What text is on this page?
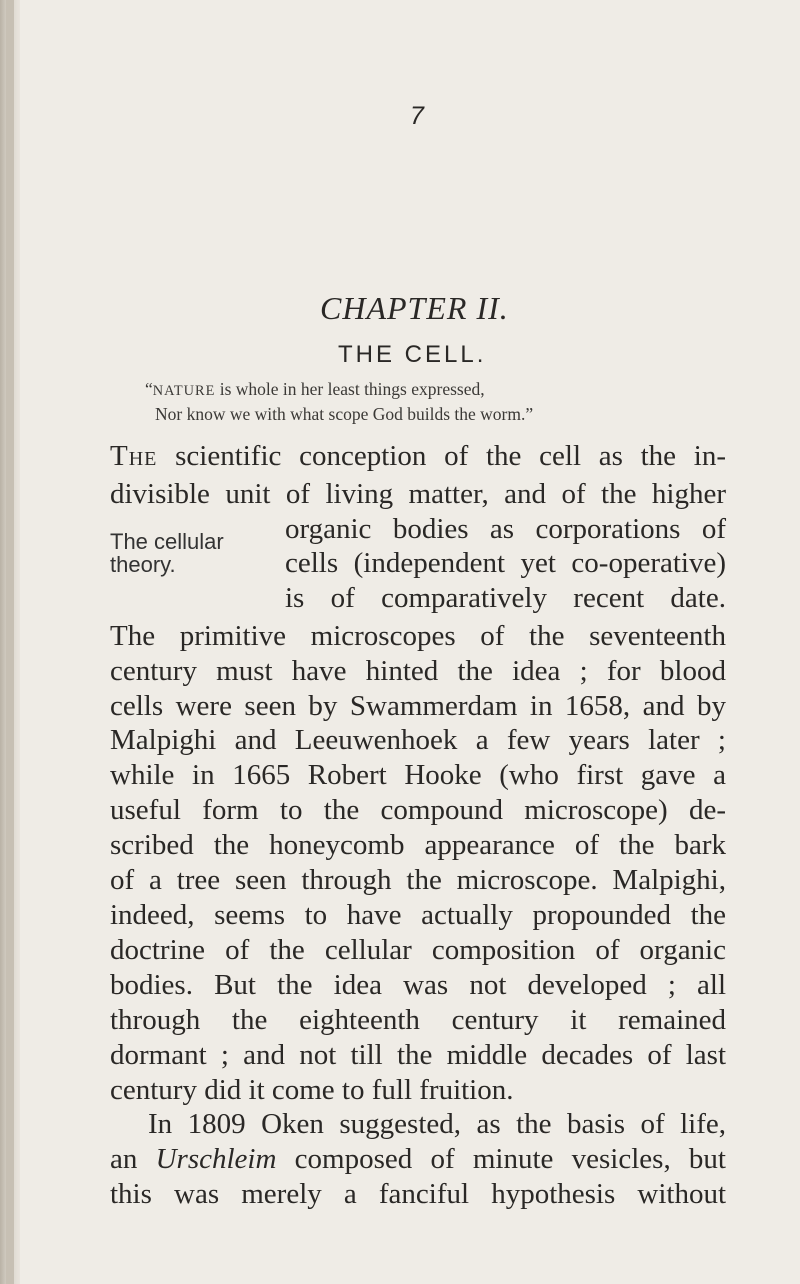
7
CHAPTER II.
THE CELL.
“NATURE is whole in her least things expressed,
Nor know we with what scope God builds the worm.”
The cellular theory.
The scientific conception of the cell as the in-
divisible unit of living matter, and of the higher
organic bodies as corporations of
cells (independent yet co-operative)
is of comparatively recent date.
The primitive microscopes of the seventeenth
century must have hinted the idea ; for blood
cells were seen by Swammerdam in 1658, and by
Malpighi and Leeuwenhoek a few years later ;
while in 1665 Robert Hooke (who first gave a
useful form to the compound microscope) de-
scribed the honeycomb appearance of the bark
of a tree seen through the microscope. Malpighi,
indeed, seems to have actually propounded the
doctrine of the cellular composition of organic
bodies. But the idea was not developed ; all
through the eighteenth century it remained
dormant ; and not till the middle decades of last
century did it come to full fruition.
In 1809 Oken suggested, as the basis of life,
an Urschleim composed of minute vesicles, but
this was merely a fanciful hypothesis without
